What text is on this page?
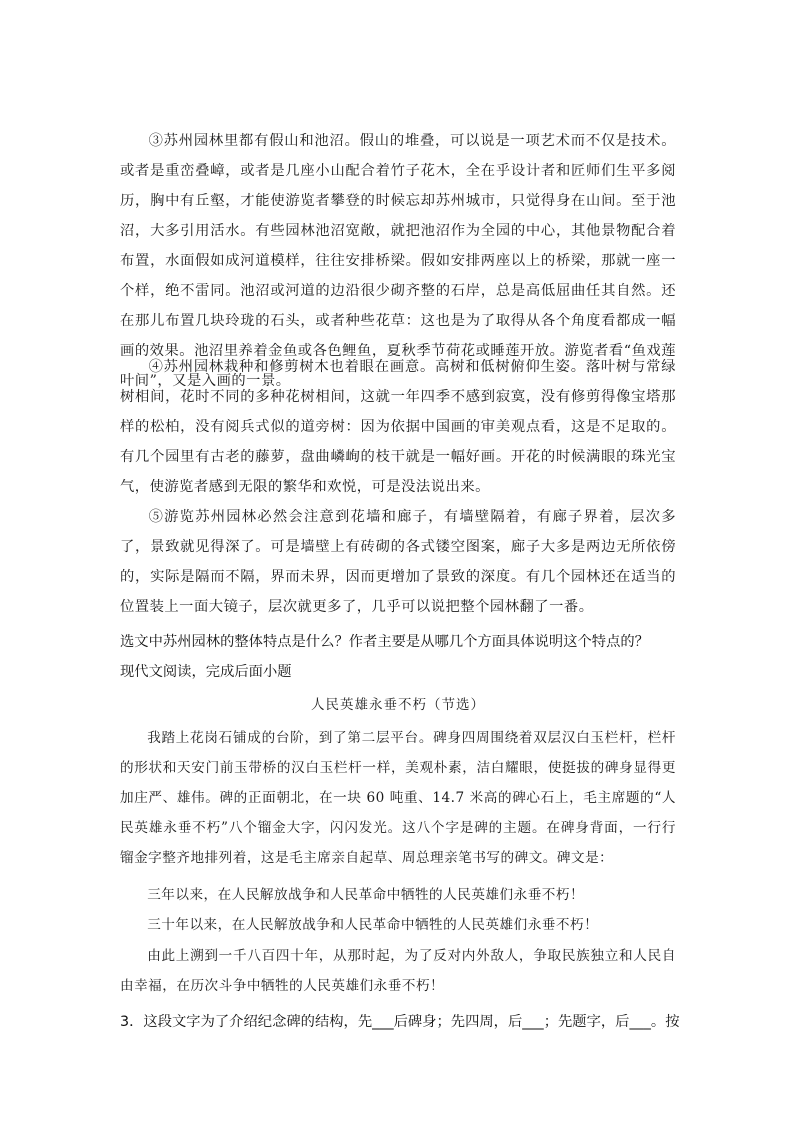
③苏州园林里都有假山和池沼。假山的堆叠，可以说是一项艺术而不仅是技术。或者是重峦叠嶂，或者是几座小山配合着竹子花木，全在乎设计者和匠师们生平多阅历，胸中有丘壑，才能使游览者攀登的时候忘却苏州城市，只觉得身在山间。至于池沼，大多引用活水。有些园林池沼宽敞，就把池沼作为全园的中心，其他景物配合着布置，水面假如成河道模样，往往安排桥梁。假如安排两座以上的桥梁，那就一座一个样，绝不雷同。池沼或河道的边沿很少砌齐整的石岸，总是高低屈曲任其自然。还在那儿布置几块玲珑的石头，或者种些花草：这也是为了取得从各个角度看都成一幅画的效果。池沼里养着金鱼或各色鲤鱼，夏秋季节荷花或睡莲开放。游览者看“鱼戏莲叶间”，又是入画的一景。

④苏州园林栽种和修剪树木也着眼在画意。高树和低树俯仰生姿。落叶树与常绿树相间，花时不同的多种花树相间，这就一年四季不感到寂寞，没有修剪得像宝塔那样的松柏，没有阅兵式似的道旁树：因为依据中国画的审美观点看，这是不足取的。有几个园里有古老的藤萝，盘曲嶙峋的枝干就是一幅好画。开花的时候满眼的珠光宝气，使游览者感到无限的繁华和欢悦，可是没法说出来。

⑤游览苏州园林必然会注意到花墙和廊子，有墙壁隔着，有廊子界着，层次多了，景致就见得深了。可是墙壁上有砖砌的各式镂空图案，廊子大多是两边无所依傍的，实际是隔而不隔，界而未界，因而更增加了景致的深度。有几个园林还在适当的位置装上一面大镜子，层次就更多了，几乎可以说把整个园林翻了一番。

选文中苏州园林的整体特点是什么？作者主要是从哪几个方面具体说明这个特点的？
现代文阅读，完成后面小题
人民英雄永垂不朽（节选）

我踏上花岗石铺成的台阶，到了第二层平台。碑身四周围绕着双层汉白玉栏杆，栏杆的形状和天安门前玉带桥的汉白玉栏杆一样，美观朴素，洁白耀眼，使挺拔的碑身显得更加庄严、雄伟。碑的正面朝北，在一块 60 吨重、14.7 米高的碑心石上，毛主席题的“人民英雄永垂不朽”八个镏金大字，闪闪发光。这八个字是碑的主题。在碑身背面，一行行镏金字整齐地排列着，这是毛主席亲自起草、周总理亲笔书写的碑文。碑文是：

三年以来，在人民解放战争和人民革命中牺牲的人民英雄们永垂不朽！

三十年以来，在人民解放战争和人民革命中牺牲的人民英雄们永垂不朽！

由此上溯到一千八百四十年，从那时起，为了反对内外敌人，争取民族独立和人民自由幸福，在历次斗争中牺牲的人民英雄们永垂不朽！

3．这段文字为了介绍纪念碑的结构，先___后碑身；先四周，后___；先题字，后___。按
